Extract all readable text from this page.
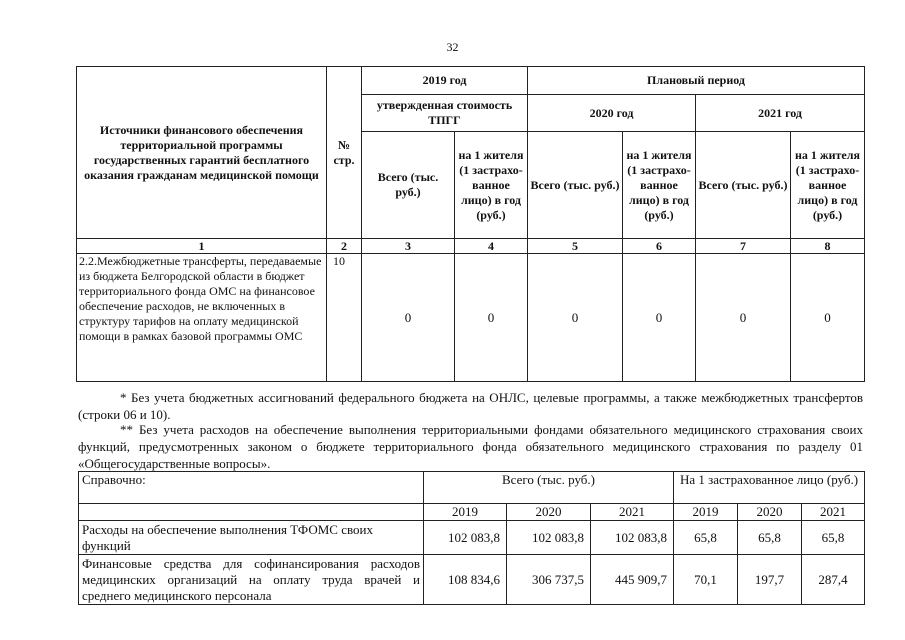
32
Источники финансового обеспечения территориальной программы государственных гарантий бесплатного оказания гражданам медицинской помощи	№ стр.	2019 год		Плановый период			
		утвержденная стоимость ТПГГ		2020 год		2021 год	
		Всего (тыс. руб.)	на 1 жителя (1 застрахо- ванное лицо) в год (руб.)	Всего (тыс. руб.)	на 1 жителя (1 застрахо- ванное лицо) в год (руб.)	Всего (тыс. руб.)	на 1 жителя (1 застрахо- ванное лицо) в год (руб.)
1	2	3	4	5	6	7	8
2.2.Межбюджетные трансферты, передаваемые из бюджета Белгородской области в бюджет территориального фонда ОМС на финансовое обеспечение расходов, не включенных в структуру тарифов на оплату медицинской помощи в рамках базовой программы ОМС	10	0	0	0	0	0	0
* Без учета бюджетных ассигнований федерального бюджета на ОНЛС, целевые программы, а также межбюджетных трансфертов (строки 06 и 10).
** Без учета расходов на обеспечение выполнения территориальными фондами обязательного медицинского страхования своих функций, предусмотренных законом о бюджете территориального фонда обязательного медицинского страхования по разделу 01 «Общегосударственные вопросы».
Справочно:	Всего (тыс. руб.)			На 1 застрахованное лицо (руб.)		
	2019	2020	2021	2019	2020	2021
Расходы на обеспечение выполнения ТФОМС своих функций	102 083,8	102 083,8	102 083,8	65,8	65,8	65,8
Финансовые средства для софинансирования расходов медицинских организаций на оплату труда врачей и среднего медицинского персонала	108 834,6	306 737,5	445 909,7	70,1	197,7	287,4
